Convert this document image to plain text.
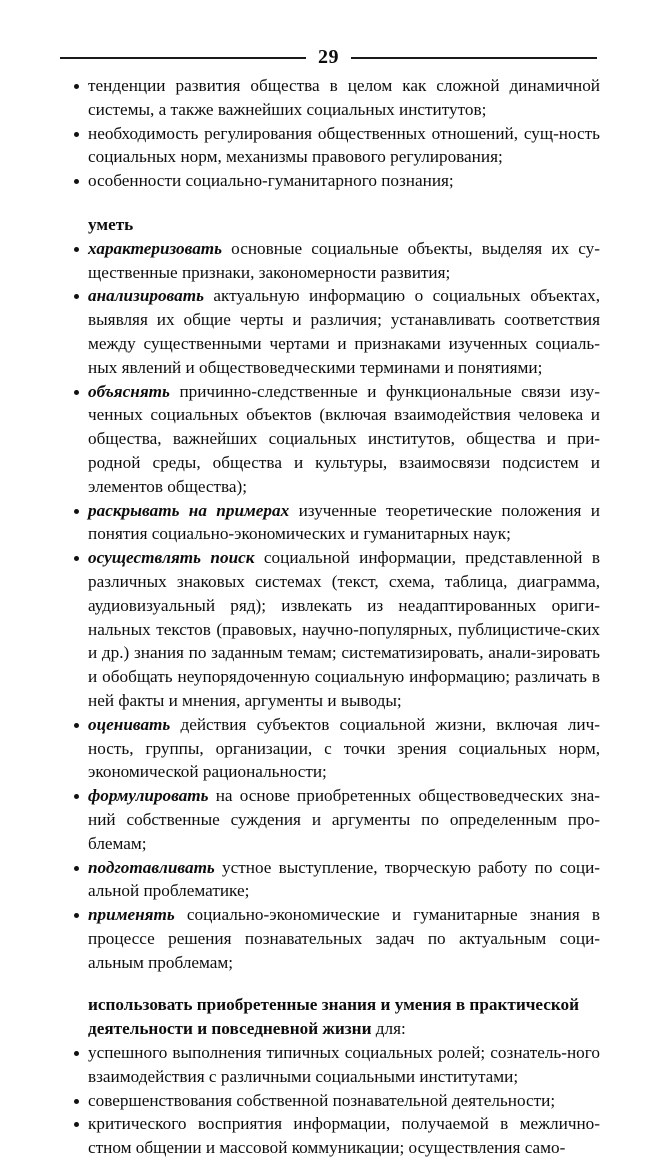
29
тенденции развития общества в целом как сложной динамичной системы, а также важнейших социальных институтов;
необходимость регулирования общественных отношений, сущ-ность социальных норм, механизмы правового регулирования;
особенности социально-гуманитарного познания;
уметь
характеризовать основные социальные объекты, выделяя их су-щественные признаки, закономерности развития;
анализировать актуальную информацию о социальных объектах, выявляя их общие черты и различия; устанавливать соответствия между существенными чертами и признаками изученных социаль-ных явлений и обществоведческими терминами и понятиями;
объяснять причинно-следственные и функциональные связи изу-ченных социальных объектов (включая взаимодействия человека и общества, важнейших социальных институтов, общества и при-родной среды, общества и культуры, взаимосвязи подсистем и элементов общества);
раскрывать на примерах изученные теоретические положения и понятия социально-экономических и гуманитарных наук;
осуществлять поиск социальной информации, представленной в различных знаковых системах (текст, схема, таблица, диаграмма, аудиовизуальный ряд); извлекать из неадаптированных ориги-нальных текстов (правовых, научно-популярных, публицистиче-ских и др.) знания по заданным темам; систематизировать, анали-зировать и обобщать неупорядоченную социальную информацию; различать в ней факты и мнения, аргументы и выводы;
оценивать действия субъектов социальной жизни, включая лич-ность, группы, организации, с точки зрения социальных норм, экономической рациональности;
формулировать на основе приобретенных обществоведческих зна-ний собственные суждения и аргументы по определенным про-блемам;
подготавливать устное выступление, творческую работу по соци-альной проблематике;
применять социально-экономические и гуманитарные знания в процессе решения познавательных задач по актуальным соци-альным проблемам;
использовать приобретенные знания и умения в практической деятельности и повседневной жизни для:
успешного выполнения типичных социальных ролей; сознатель-ного взаимодействия с различными социальными институтами;
совершенствования собственной познавательной деятельности;
критического восприятия информации, получаемой в межлично-стном общении и массовой коммуникации; осуществления само-
